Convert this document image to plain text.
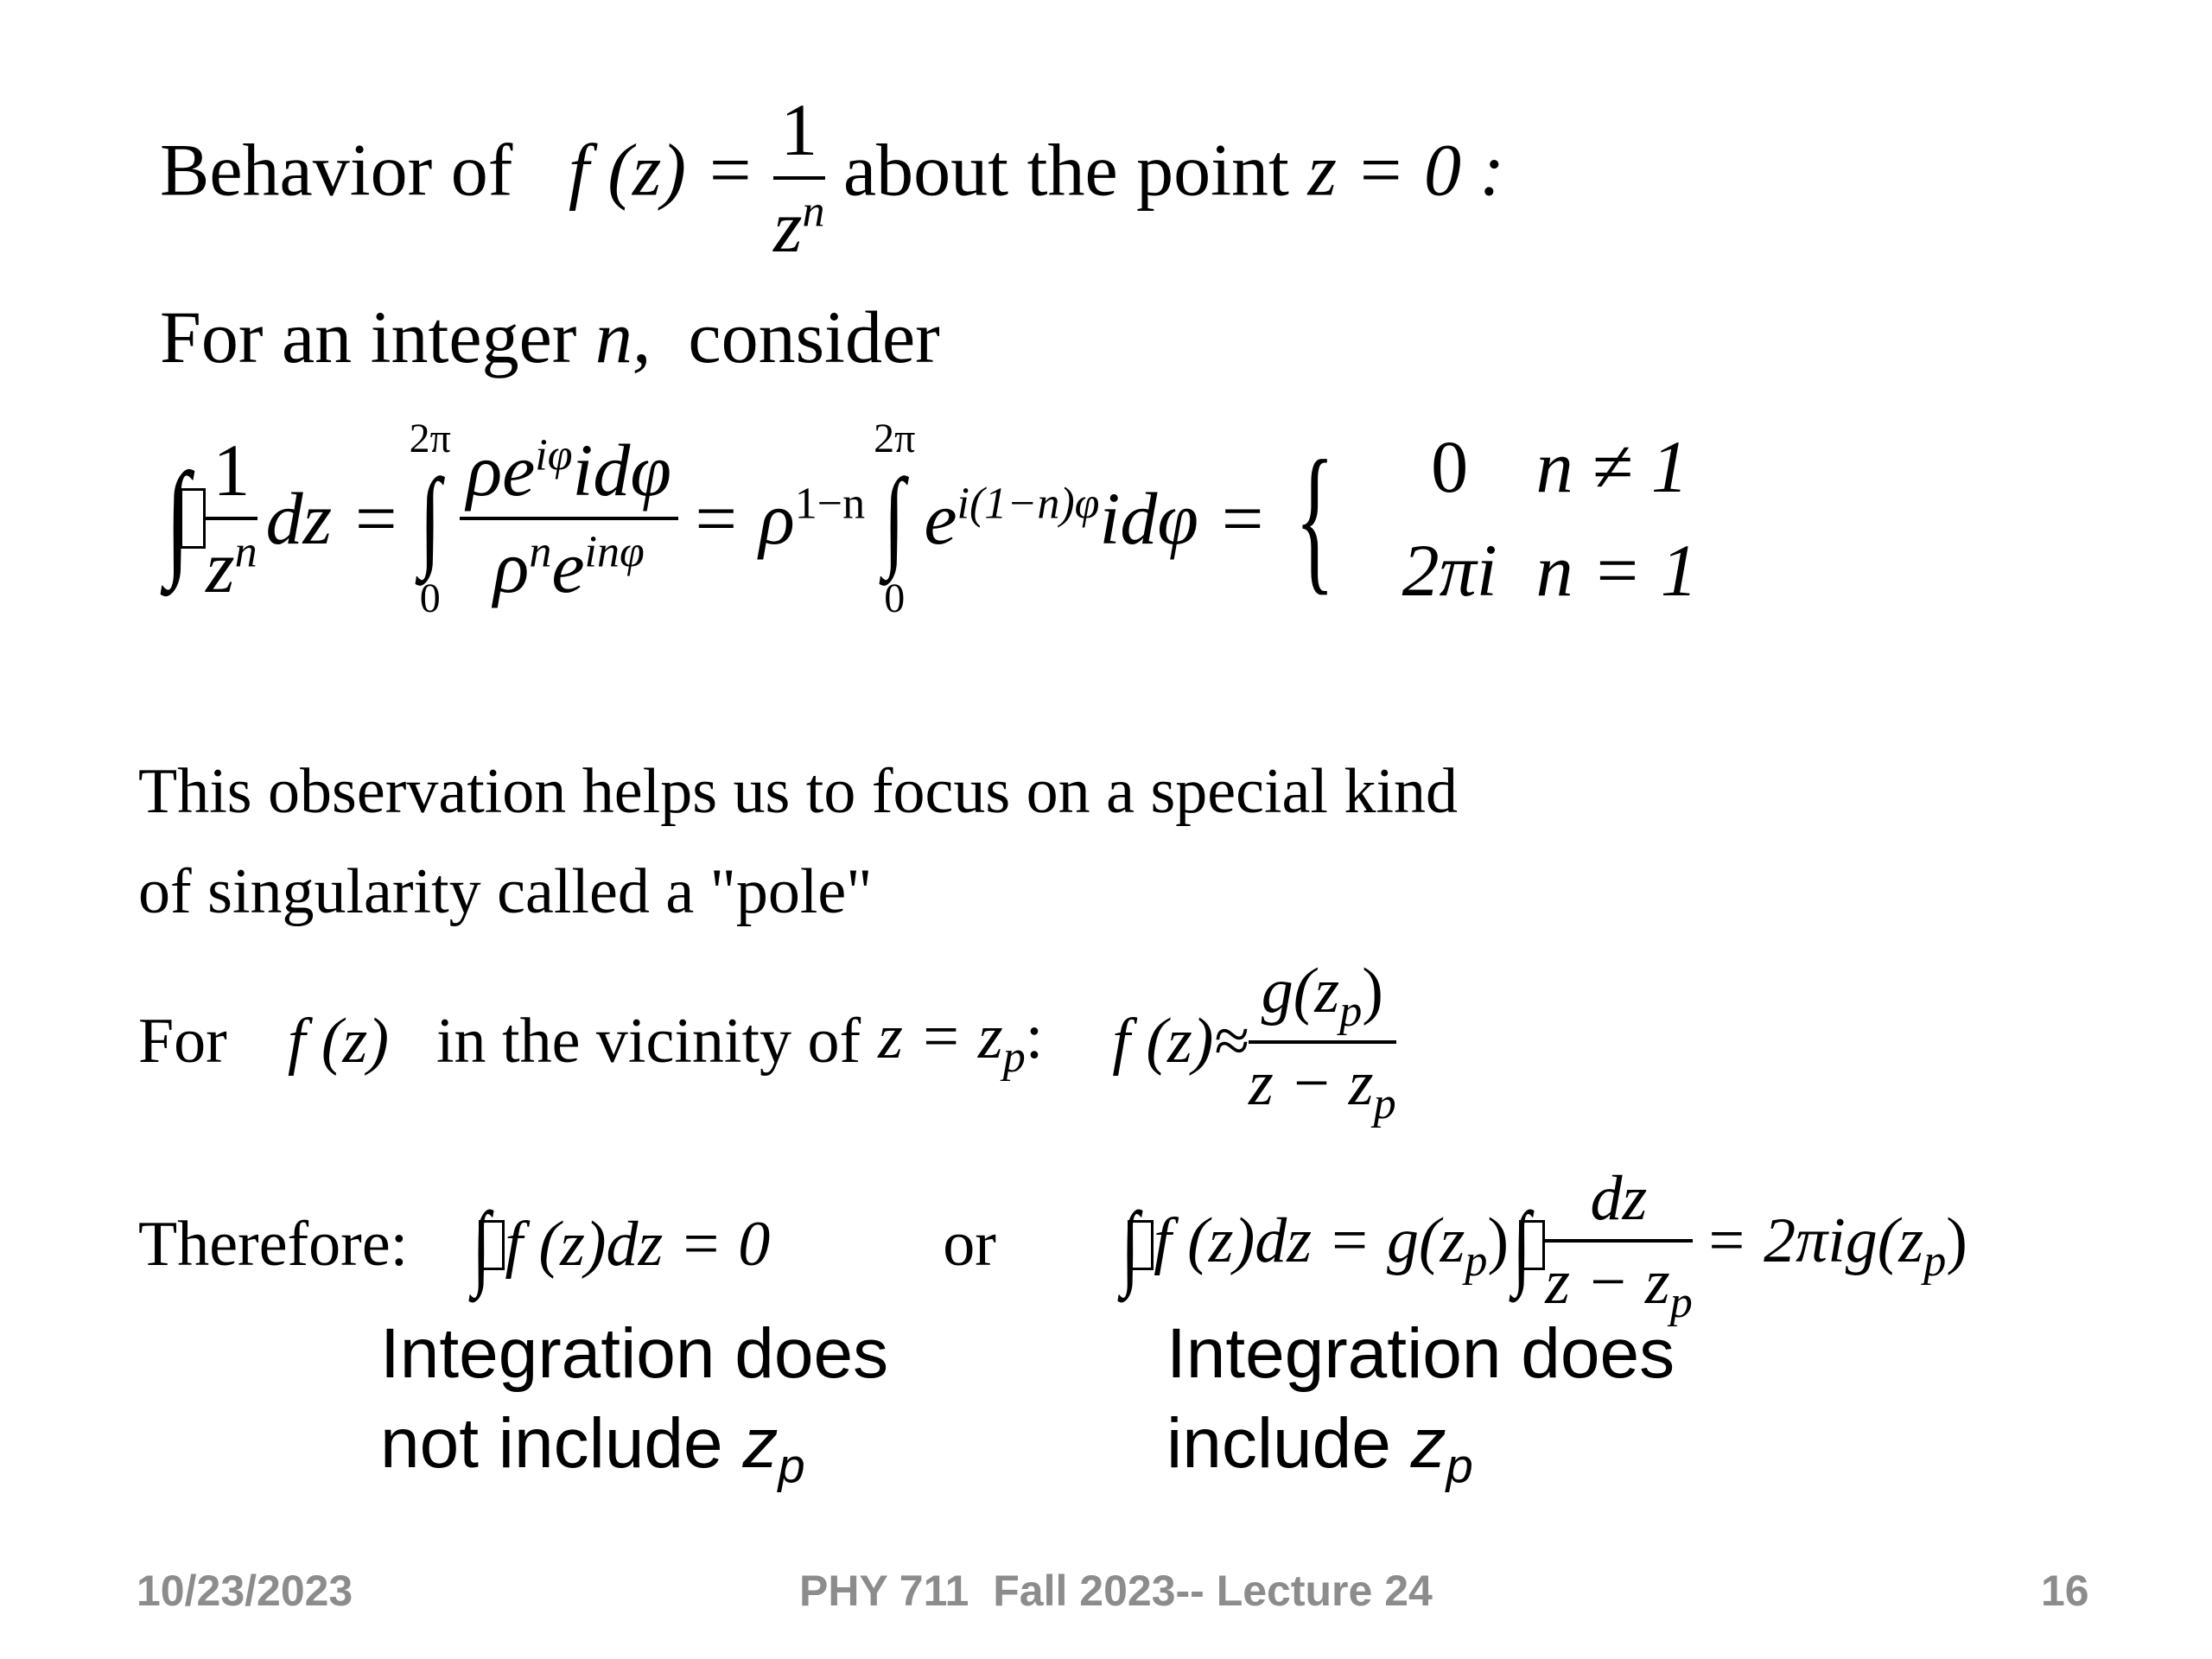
Behavior of f $(z) = \frac{1}{z^n}$ about the point z = 0 :
For an integer n, consider
∫ $\frac{1}{z^n}$ dz =
2π
∫
$0 \frac{\rho e^{i\varphi}id\varphi}{\rho^ne^{in\varphi}} = \rho^{1-n}$
2π
∫
0
$e^{i(1-n)\varphi}id\varphi$ = {	0 n ≠ 1
2πi n = 1
This observation helps us to focus on a special kind
of singularity called a "pole"
For f (z) in the vicinity of $z = z_p$: f $(z)\approx \frac{g(z_p)}{z - z_p}$
Therefore: ∫ f (z)dz = 0	or ∫ f $(z)dz = g(z_p)$ ∫ $\frac{dz}{z - z_p} = 2\pi ig(z_p)$
Integration does
not include $z_p$
Integration does
include $z_p$
10/23/2023	PHY 711  Fall 2023-- Lecture 24	16
